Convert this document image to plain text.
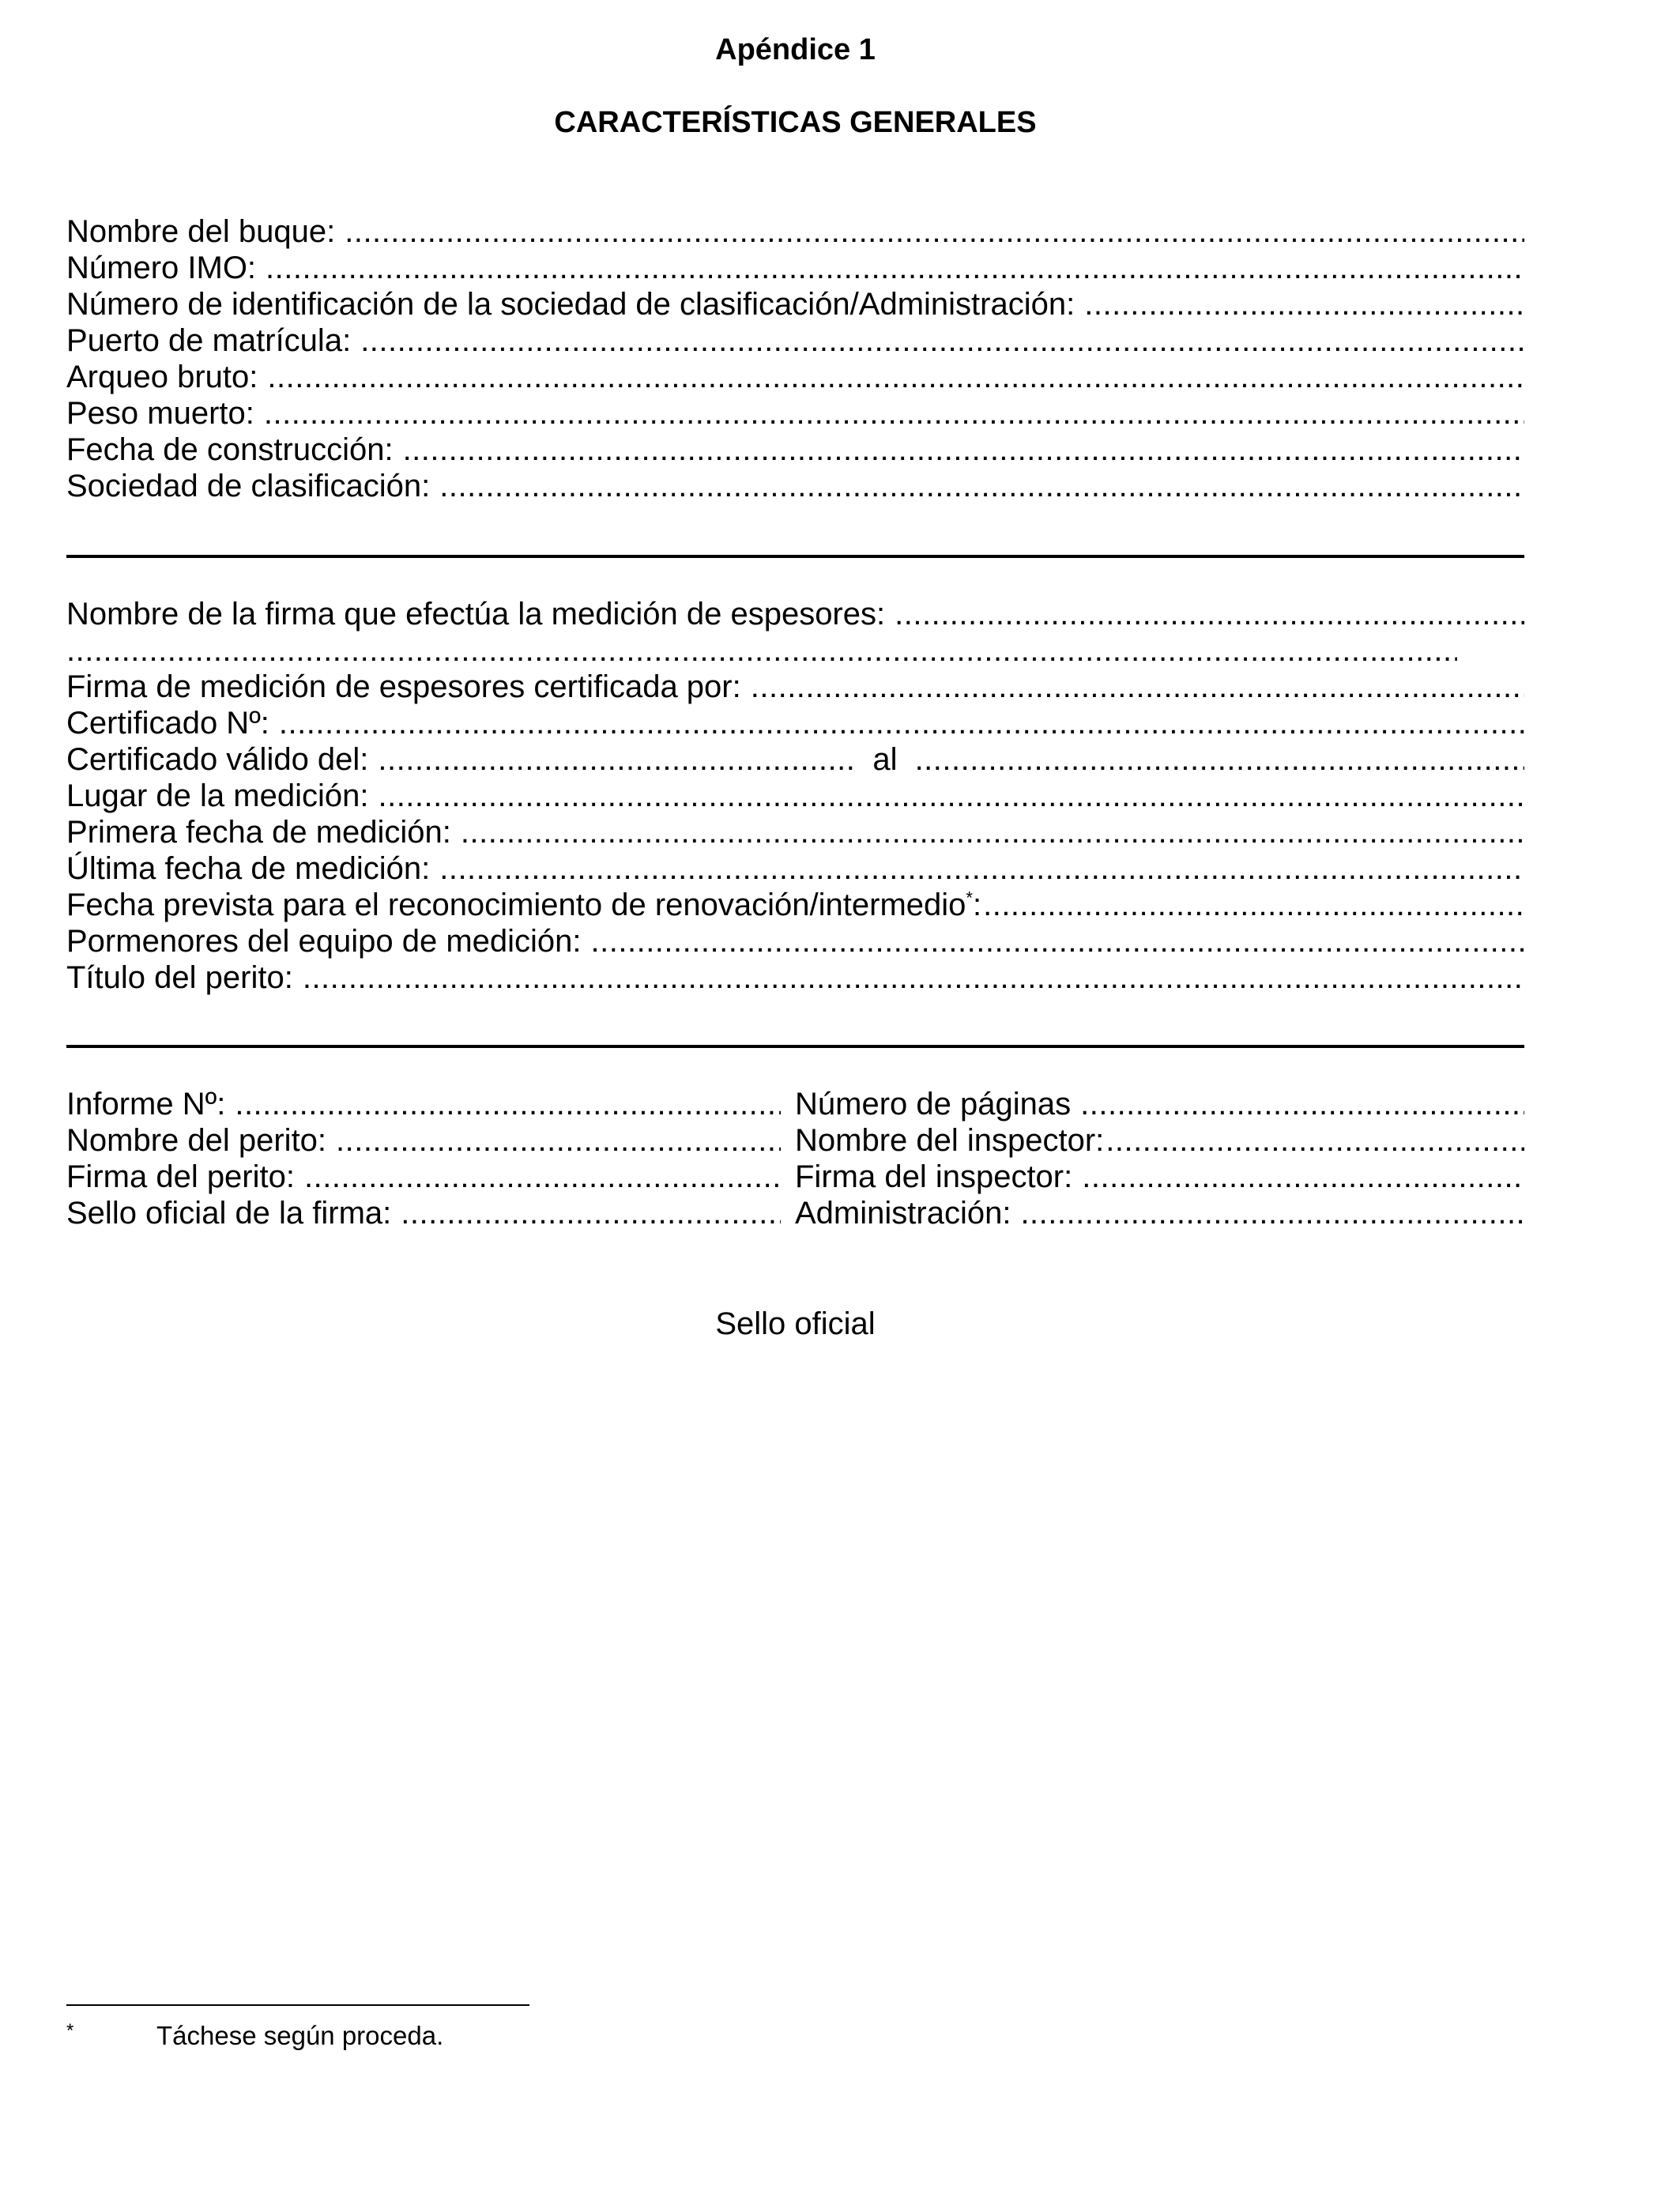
Apéndice 1
CARACTERÍSTICAS GENERALES
Nombre del buque:
.....
Número IMO:
.....
Número de identificación de la sociedad de clasificación/Administración:
.....
Puerto de matrícula:
.....
Arqueo bruto:
.....
Peso muerto:
.....
Fecha de construcción:
.....
Sociedad de clasificación:
.....
Nombre de la firma que efectúa la medición de espesores:
.....
.....
Firma de medición de espesores certificada por:
.....
Certificado Nº:
.....
Certificado válido del: .....	al
.....
Lugar de la medición:
.....
Primera fecha de medición:
.....
Última fecha de medición:
.....
Fecha prevista para el reconocimiento de renovación/intermedio*:
.....
Pormenores del equipo de medición:
.....
Título del perito:
.....
Informe Nº: .....	Número de páginas
.....
Nombre del perito: .....	Nombre del inspector:
.....
Firma del perito: .....	Firma del inspector:
.....
Sello oficial de la firma: .....	Administración:
.....
Sello oficial
*	Táchese según proceda.
